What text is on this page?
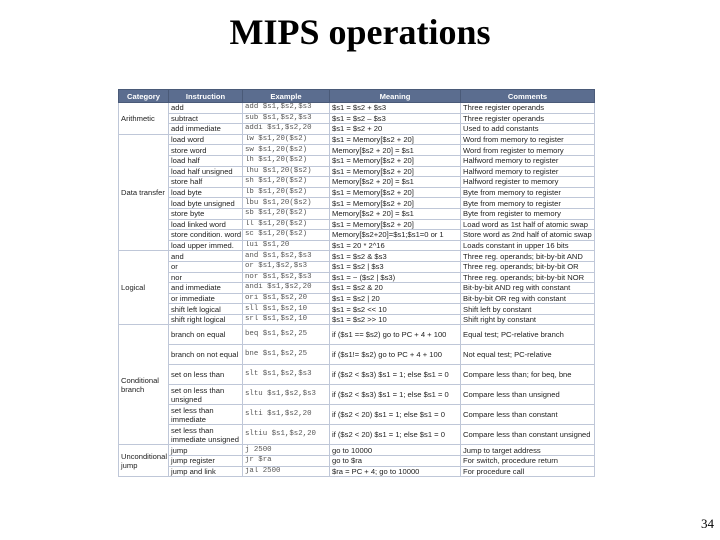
MIPS operations
Category	Instruction	Example	Meaning	Comments
Arithmetic	add	add $s1,$s2,$s3	$s1 = $s2 + $s3	Three register operands
	subtract	sub $s1,$s2,$s3	$s1 = $s2 – $s3	Three register operands
	add immediate	addi $s1,$s2,20	$s1 = $s2 + 20	Used to add constants
Data transfer	load word	lw $s1,20($s2)	$s1 = Memory[$s2 + 20]	Word from memory to register
	store word	sw $s1,20($s2)	Memory[$s2 + 20] = $s1	Word from register to memory
	load half	lh $s1,20($s2)	$s1 = Memory[$s2 + 20]	Halfword memory to register
	load half unsigned	lhu $s1,20($s2)	$s1 = Memory[$s2 + 20]	Halfword memory to register
	store half	sh $s1,20($s2)	Memory[$s2 + 20] = $s1	Halfword register to memory
	load byte	lb $s1,20($s2)	$s1 = Memory[$s2 + 20]	Byte from memory to register
	load byte unsigned	lbu $s1,20($s2)	$s1 = Memory[$s2 + 20]	Byte from memory to register
	store byte	sb $s1,20($s2)	Memory[$s2 + 20] = $s1	Byte from register to memory
	load linked word	ll $s1,20($s2)	$s1 = Memory[$s2 + 20]	Load word as 1st half of atomic swap
	store condition. word	sc $s1,20($s2)	Memory[$s2+20]=$s1;$s1=0 or 1	Store word as 2nd half of atomic swap
	load upper immed.	lui $s1,20	$s1 = 20 * 2^16	Loads constant in upper 16 bits
Logical	and	and $s1,$s2,$s3	$s1 = $s2 & $s3	Three reg. operands; bit-by-bit AND
	or	or $s1,$s2,$s3	$s1 = $s2 | $s3	Three reg. operands; bit-by-bit OR
	nor	nor $s1,$s2,$s3	$s1 = ~ ($s2 | $s3)	Three reg. operands; bit-by-bit NOR
	and immediate	andi $s1,$s2,20	$s1 = $s2 & 20	Bit-by-bit AND reg with constant
	or immediate	ori $s1,$s2,20	$s1 = $s2 | 20	Bit-by-bit OR reg with constant
	shift left logical	sll $s1,$s2,10	$s1 = $s2 << 10	Shift left by constant
	shift right logical	srl $s1,$s2,10	$s1 = $s2 >> 10	Shift right by constant
Conditional branch	branch on equal	beq $s1,$s2,25	if ($s1 == $s2) go to PC + 4 + 100	Equal test; PC-relative branch
	branch on not equal	bne $s1,$s2,25	if ($s1!= $s2) go to PC + 4 + 100	Not equal test; PC-relative
	set on less than	slt $s1,$s2,$s3	if ($s2 < $s3) $s1 = 1; else $s1 = 0	Compare less than; for beq, bne
	set on less than unsigned	sltu $s1,$s2,$s3	if ($s2 < $s3) $s1 = 1; else $s1 = 0	Compare less than unsigned
	set less than immediate	slti $s1,$s2,20	if ($s2 < 20) $s1 = 1; else $s1 = 0	Compare less than constant
	set less than immediate unsigned	sltiu $s1,$s2,20	if ($s2 < 20) $s1 = 1; else $s1 = 0	Compare less than constant unsigned
Unconditional jump	jump	j 2500	go to 10000	Jump to target address
	jump register	jr $ra	go to $ra	For switch, procedure return
	jump and link	jal 2500	$ra = PC + 4; go to 10000	For procedure call
34
